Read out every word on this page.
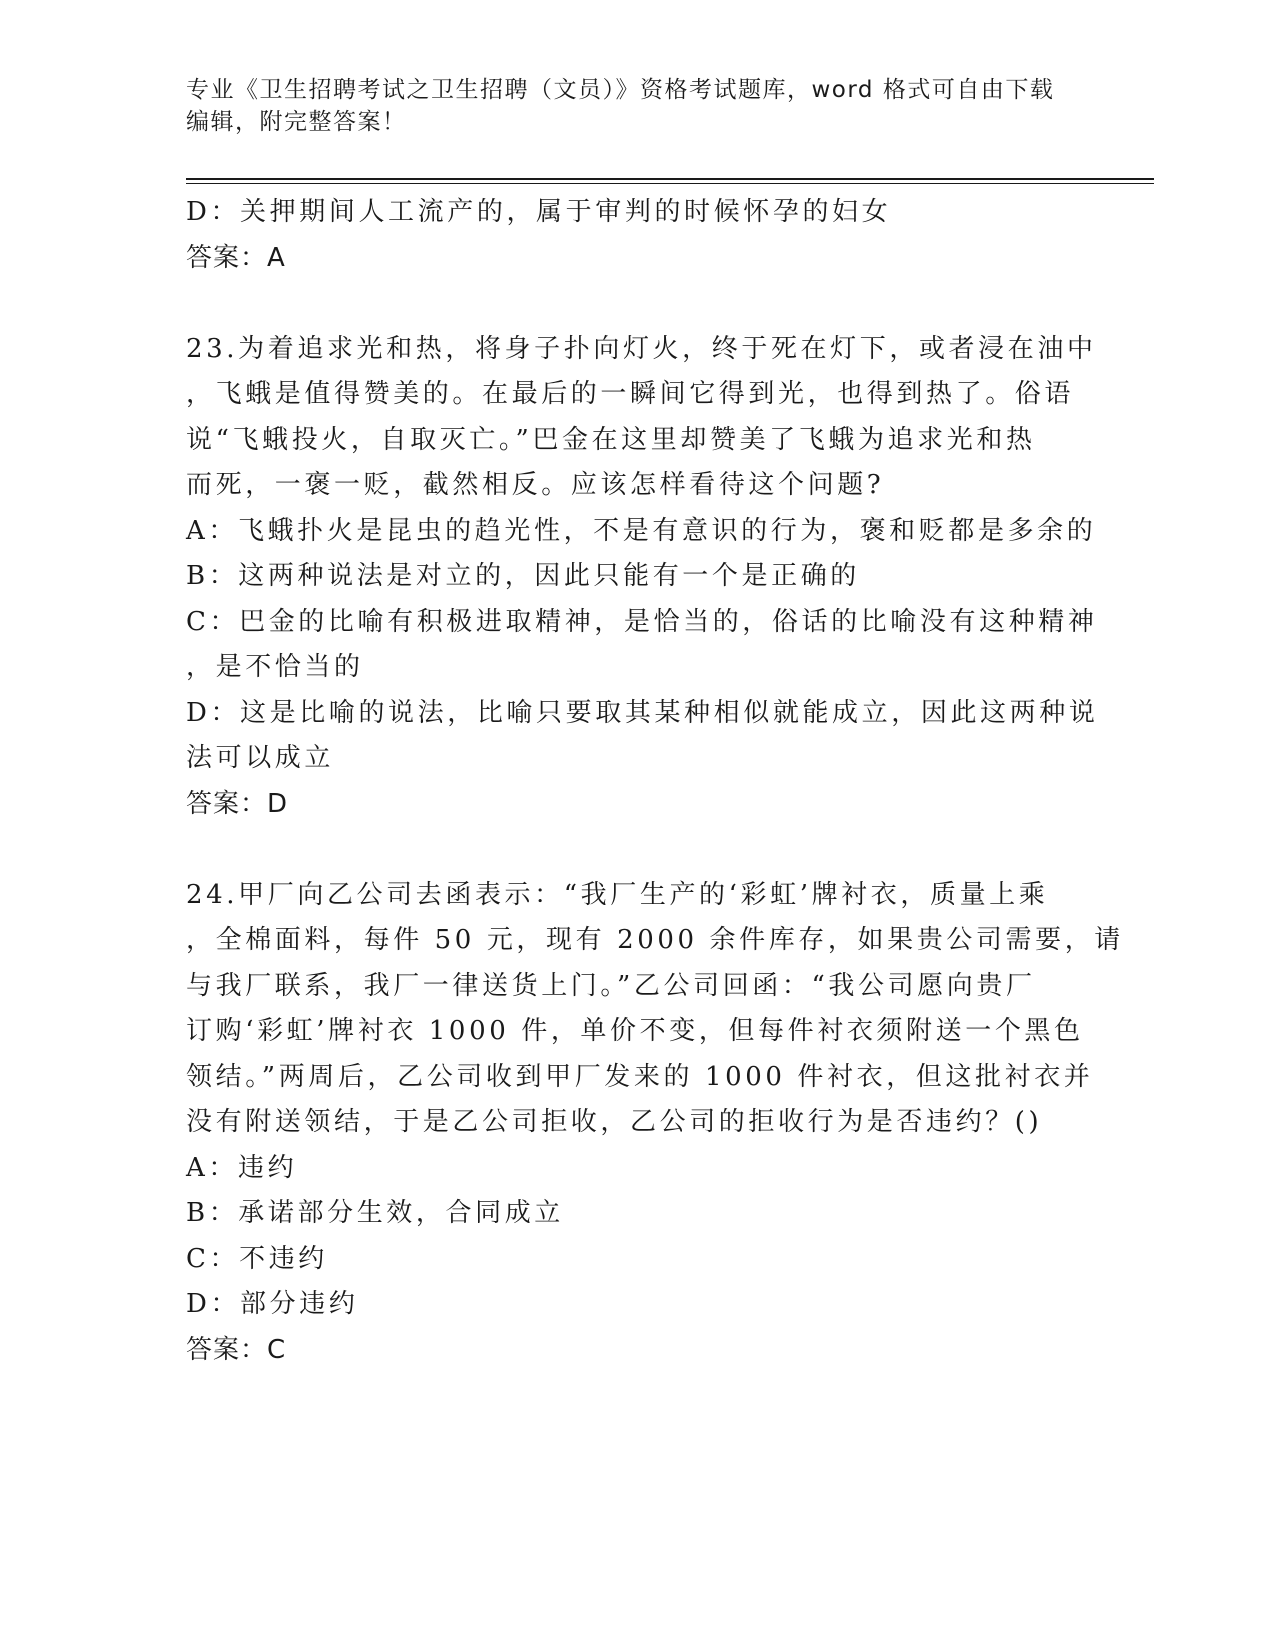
专业《卫生招聘考试之卫生招聘（文员）》资格考试题库，word 格式可自由下载
编辑，附完整答案！
D：关押期间人工流产的，属于审判的时候怀孕的妇女
答案：A
23.为着追求光和热，将身子扑向灯火，终于死在灯下，或者浸在油中
，飞蛾是值得赞美的。在最后的一瞬间它得到光，也得到热了。俗语
说“飞蛾投火，自取灭亡。”巴金在这里却赞美了飞蛾为追求光和热
而死，一褒一贬，截然相反。应该怎样看待这个问题?
A：飞蛾扑火是昆虫的趋光性，不是有意识的行为，褒和贬都是多余的
B：这两种说法是对立的，因此只能有一个是正确的
C：巴金的比喻有积极进取精神，是恰当的，俗话的比喻没有这种精神
，是不恰当的
D：这是比喻的说法，比喻只要取其某种相似就能成立，因此这两种说
法可以成立
答案：D
24.甲厂向乙公司去函表示：“我厂生产的‘彩虹’牌衬衣，质量上乘
，全棉面料，每件 50 元，现有 2000 余件库存，如果贵公司需要，请
与我厂联系，我厂一律送货上门。”乙公司回函：“我公司愿向贵厂
订购‘彩虹’牌衬衣 1000 件，单价不变，但每件衬衣须附送一个黑色
领结。”两周后，乙公司收到甲厂发来的 1000 件衬衣，但这批衬衣并
没有附送领结，于是乙公司拒收，乙公司的拒收行为是否违约？()
A：违约
B：承诺部分生效，合同成立
C：不违约
D：部分违约
答案：C
